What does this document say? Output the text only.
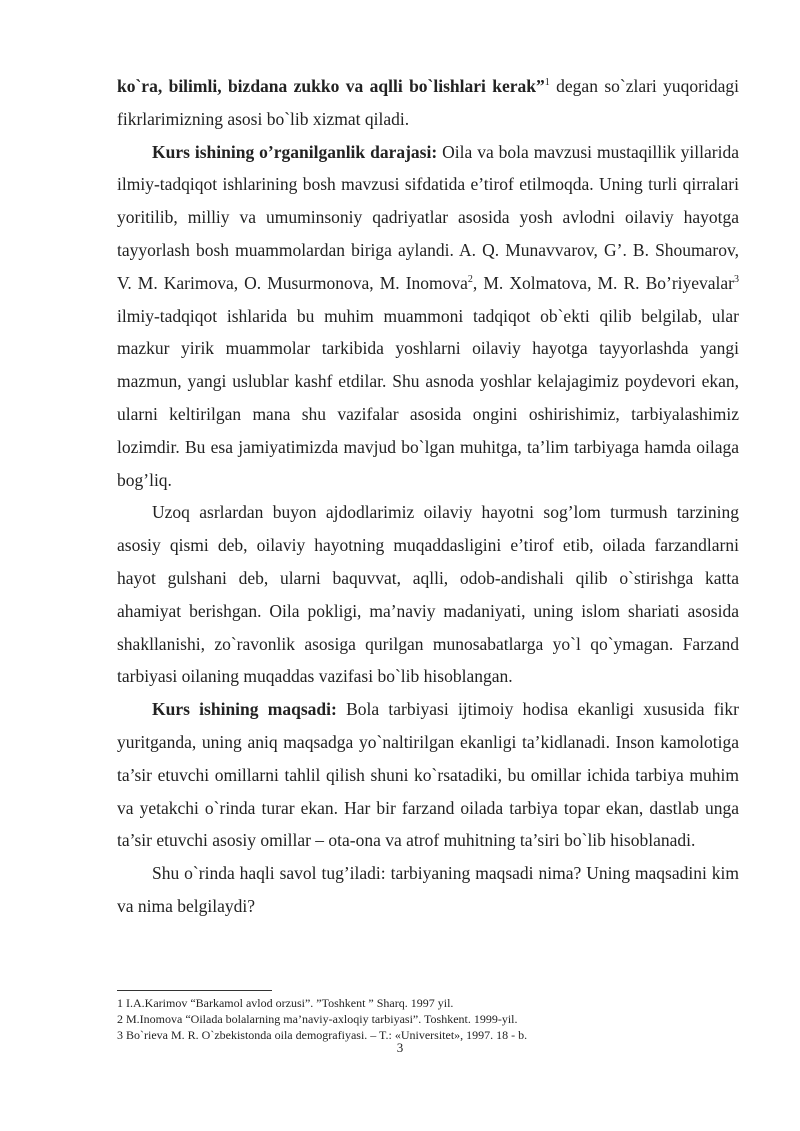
ko`ra, bilimli, bizdana zukko va aqlli bo`lishlari kerak”$^1$ degan so`zlari yuqoridagi fikrlarimizning asosi bo`lib xizmat qiladi.

Kurs ishining o’rganilganlik darajasi: Oila va bola mavzusi mustaqillik yillarida ilmiy-tadqiqot ishlarining bosh mavzusi sifdatida e’tirof etilmoqda. Uning turli qirralari yoritilib, milliy va umuminsoniy qadriyatlar asosida yosh avlodni oilaviy hayotga tayyorlash bosh muammolardan biriga aylandi. A. Q. Munavvarov, G’. B. Shoumarov, V. M. Karimova, O. Musurmonova, M. Inomova$^2$, M. Xolmatova, M. R. Bo’riyevalar$^3$ ilmiy-tadqiqot ishlarida bu muhim muammoni tadqiqot ob`ekti qilib belgilab, ular mazkur yirik muammolar tarkibida yoshlarni oilaviy hayotga tayyorlashda yangi mazmun, yangi uslublar kashf etdilar. Shu asnoda yoshlar kelajagimiz poydevori ekan, ularni keltirilgan mana shu vazifalar asosida ongini oshirishimiz, tarbiyalashimiz lozimdir. Bu esa jamiyatimizda mavjud bo`lgan muhitga, ta’lim tarbiyaga hamda oilaga bog’liq.

Uzoq asrlardan buyon ajdodlarimiz oilaviy hayotni sog’lom turmush tarzining asosiy qismi deb, oilaviy hayotning muqaddasligini e’tirof etib, oilada farzandlarni hayot gulshani deb, ularni baquvvat, aqlli, odob-andishali qilib o`stirishga katta ahamiyat berishgan. Oila pokligi, ma’naviy madaniyati, uning islom shariati asosida shakllanishi, zo`ravonlik asosiga qurilgan munosabatlarga yo`l qo`ymagan. Farzand tarbiyasi oilaning muqaddas vazifasi bo`lib hisoblangan.

Kurs ishining maqsadi: Bola tarbiyasi ijtimoiy hodisa ekanligi xususida fikr yuritganda, uning aniq maqsadga yo`naltirilgan ekanligi ta’kidlanadi. Inson kamolotiga ta’sir etuvchi omillarni tahlil qilish shuni ko`rsatadiki, bu omillar ichida tarbiya muhim va yetakchi o`rinda turar ekan. Har bir farzand oilada tarbiya topar ekan, dastlab unga ta’sir etuvchi asosiy omillar – ota-ona va atrof muhitning ta’siri bo`lib hisoblanadi.

Shu o`rinda haqli savol tug’iladi: tarbiyaning maqsadi nima? Uning maqsadini kim va nima belgilaydi?

1 I.A.Karimov “Barkamol avlod orzusi”. ”Toshkent ” Sharq. 1997 yil.
2 M.Inomova “Oilada bolalarning ma’naviy-axloqiy tarbiyasi”. Toshkent. 1999-yil.
3 Bo`rieva M. R. O`zbekistonda oila demografiyasi. – T.: «Universitet», 1997. 18 - b.
3
